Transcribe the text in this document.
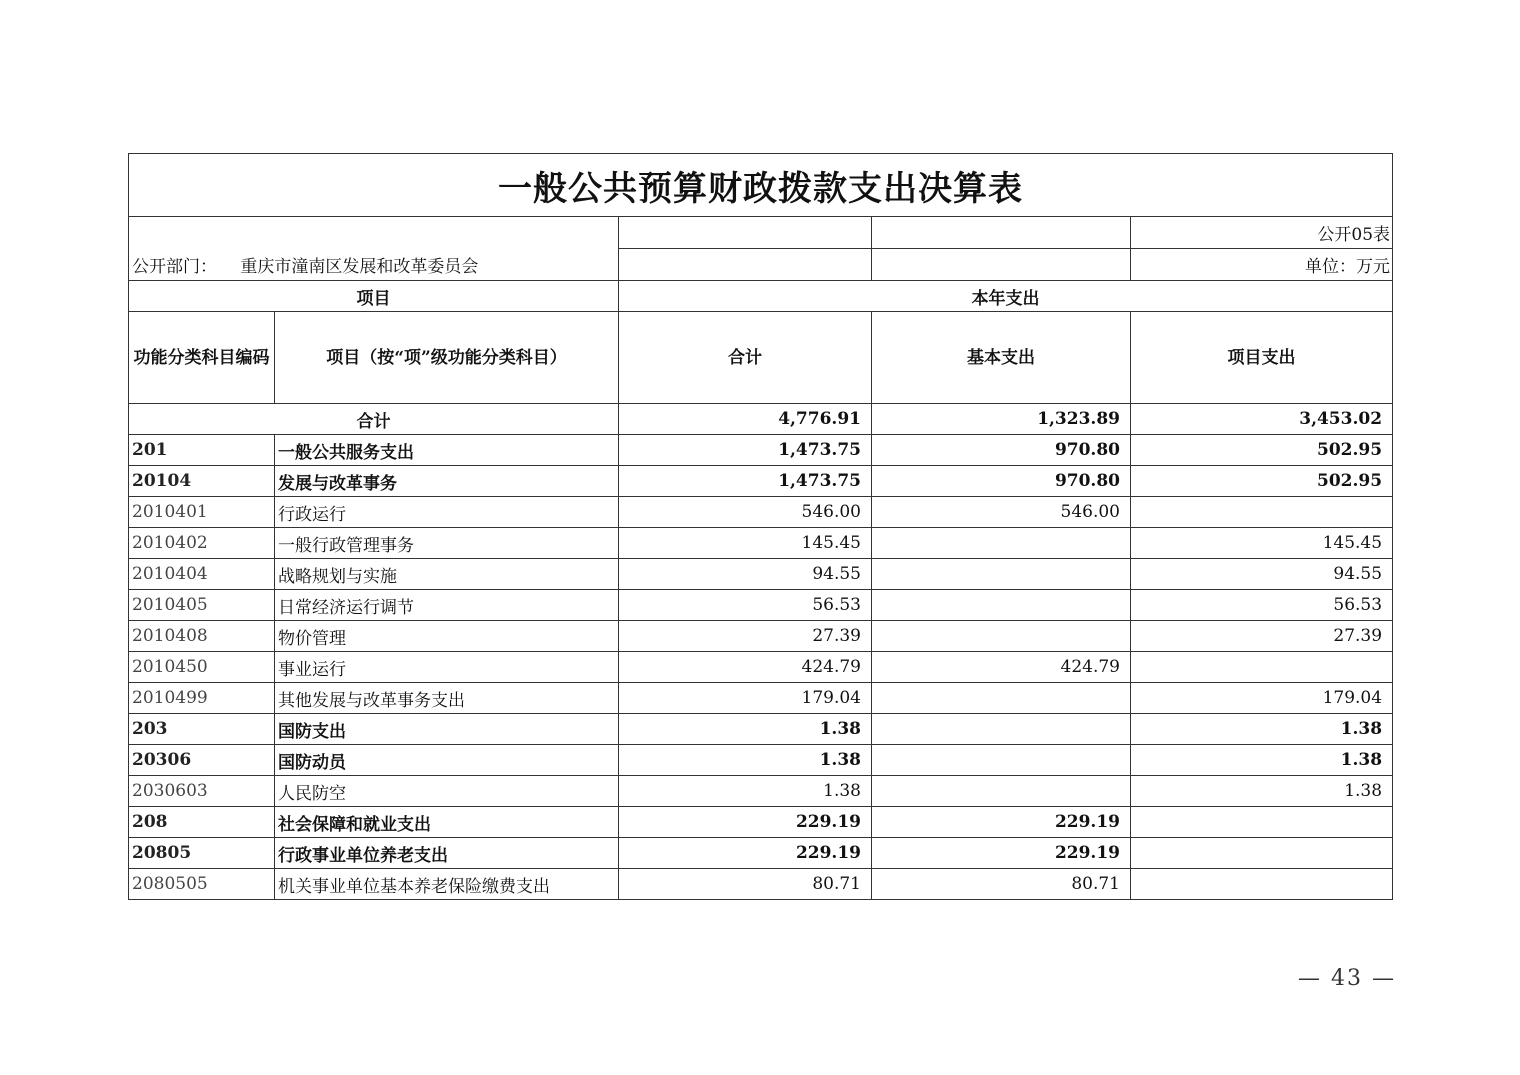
一般公共预算财政拨款支出决算表				
				公开05表
公开部门： 重庆市潼南区发展和改革委员会				单位：万元
项目		本年支出		
功能分类科目编码	项目（按“项”级功能分类科目）	合计	基本支出	项目支出
合计		4,776.91	1,323.89	3,453.02
201	一般公共服务支出	1,473.75	970.80	502.95
20104	发展与改革事务	1,473.75	970.80	502.95
2010401	行政运行	546.00	546.00	
2010402	一般行政管理事务	145.45		145.45
2010404	战略规划与实施	94.55		94.55
2010405	日常经济运行调节	56.53		56.53
2010408	物价管理	27.39		27.39
2010450	事业运行	424.79	424.79	
2010499	其他发展与改革事务支出	179.04		179.04
203	国防支出	1.38		1.38
20306	国防动员	1.38		1.38
2030603	人民防空	1.38		1.38
208	社会保障和就业支出	229.19	229.19	
20805	行政事业单位养老支出	229.19	229.19	
2080505	机关事业单位基本养老保险缴费支出	80.71	80.71	
— 43 —
